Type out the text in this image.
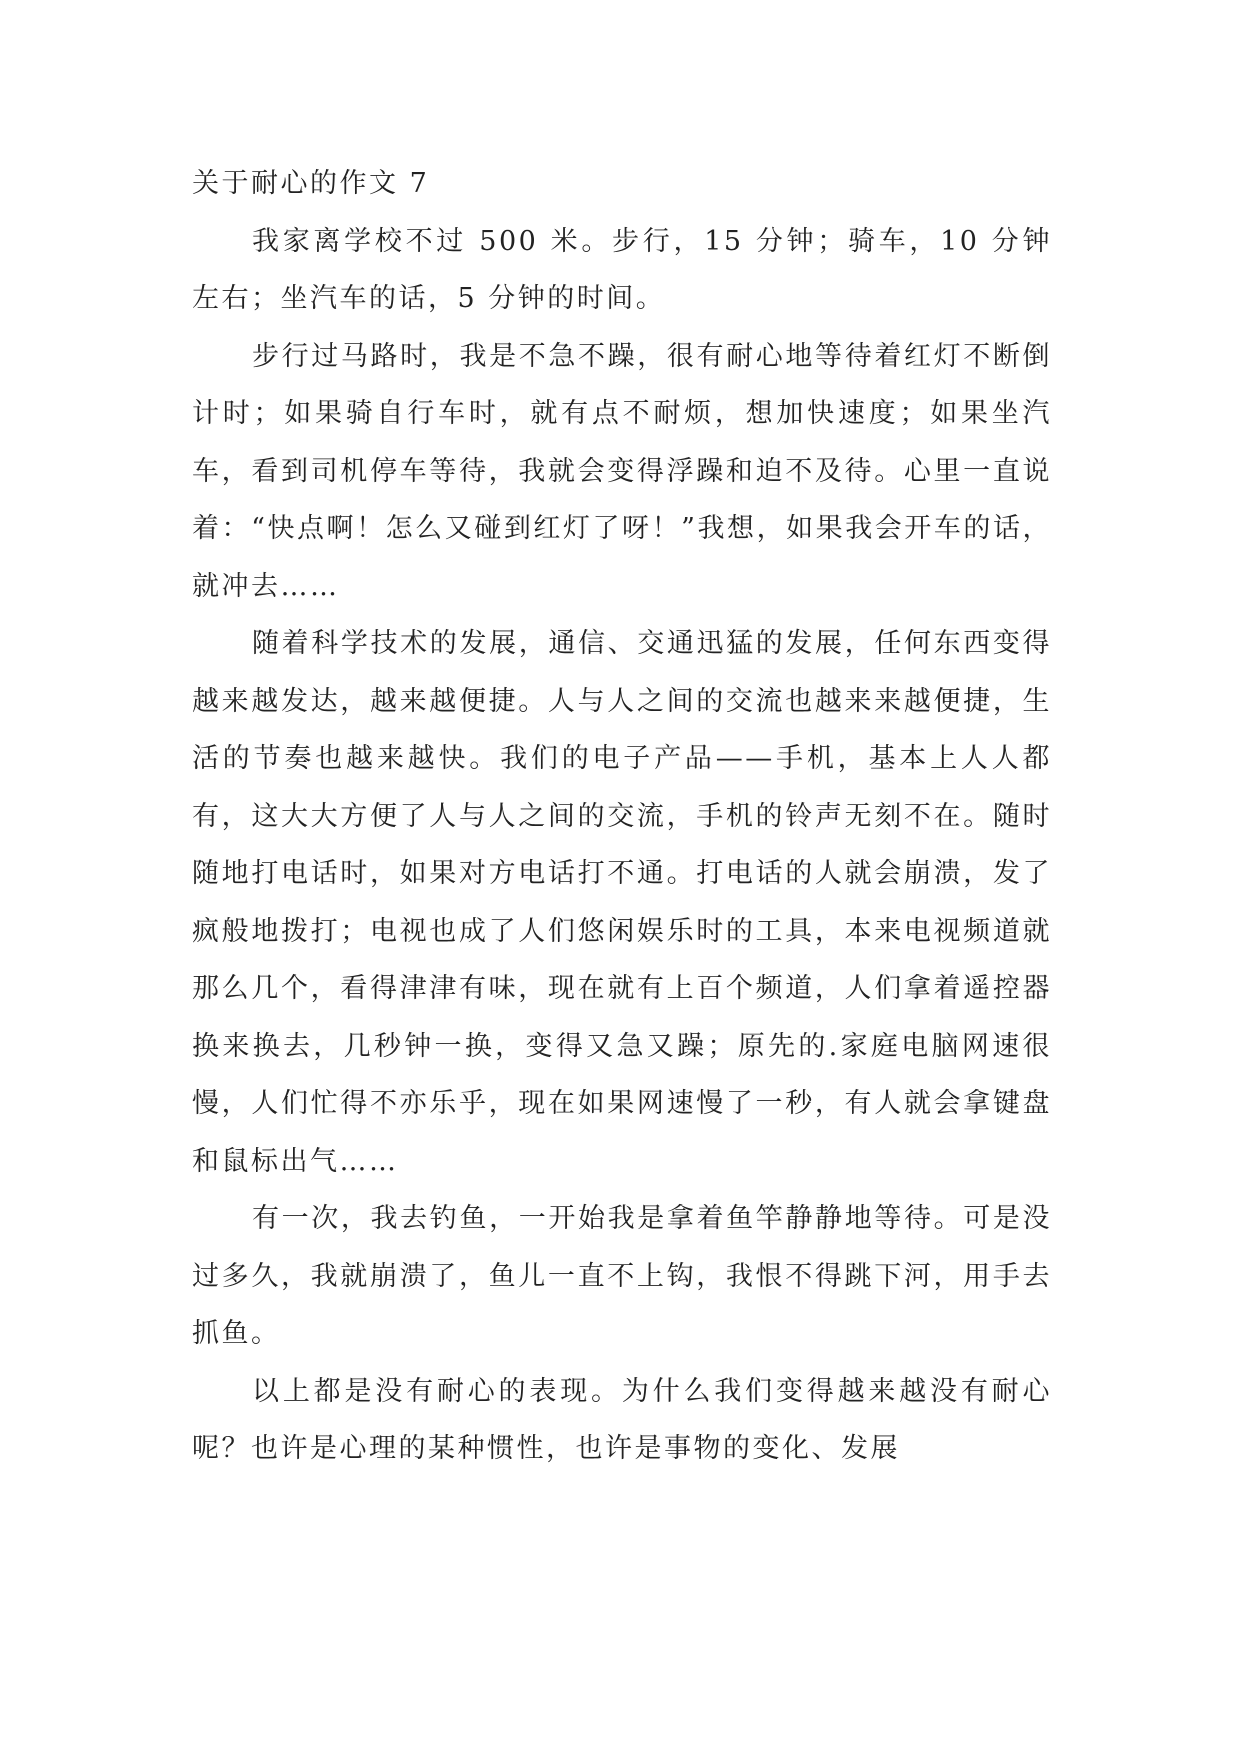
关于耐心的作文 7

我家离学校不过 500 米。步行，15 分钟；骑车，10 分钟左右；坐汽车的话，5 分钟的时间。

步行过马路时，我是不急不躁，很有耐心地等待着红灯不断倒计时；如果骑自行车时，就有点不耐烦，想加快速度；如果坐汽车，看到司机停车等待，我就会变得浮躁和迫不及待。心里一直说着：“快点啊！怎么又碰到红灯了呀！”我想，如果我会开车的话，就冲去……

随着科学技术的发展，通信、交通迅猛的发展，任何东西变得越来越发达，越来越便捷。人与人之间的交流也越来来越便捷，生活的节奏也越来越快。我们的电子产品——手机，基本上人人都有，这大大方便了人与人之间的交流，手机的铃声无刻不在。随时随地打电话时，如果对方电话打不通。打电话的人就会崩溃，发了疯般地拨打；电视也成了人们悠闲娱乐时的工具，本来电视频道就那么几个，看得津津有味，现在就有上百个频道，人们拿着遥控器换来换去，几秒钟一换，变得又急又躁；原先的.家庭电脑网速很慢，人们忙得不亦乐乎，现在如果网速慢了一秒，有人就会拿键盘和鼠标出气……

有一次，我去钓鱼，一开始我是拿着鱼竿静静地等待。可是没过多久，我就崩溃了，鱼儿一直不上钩，我恨不得跳下河，用手去抓鱼。

以上都是没有耐心的表现。为什么我们变得越来越没有耐心呢？也许是心理的某种惯性，也许是事物的变化、发展
